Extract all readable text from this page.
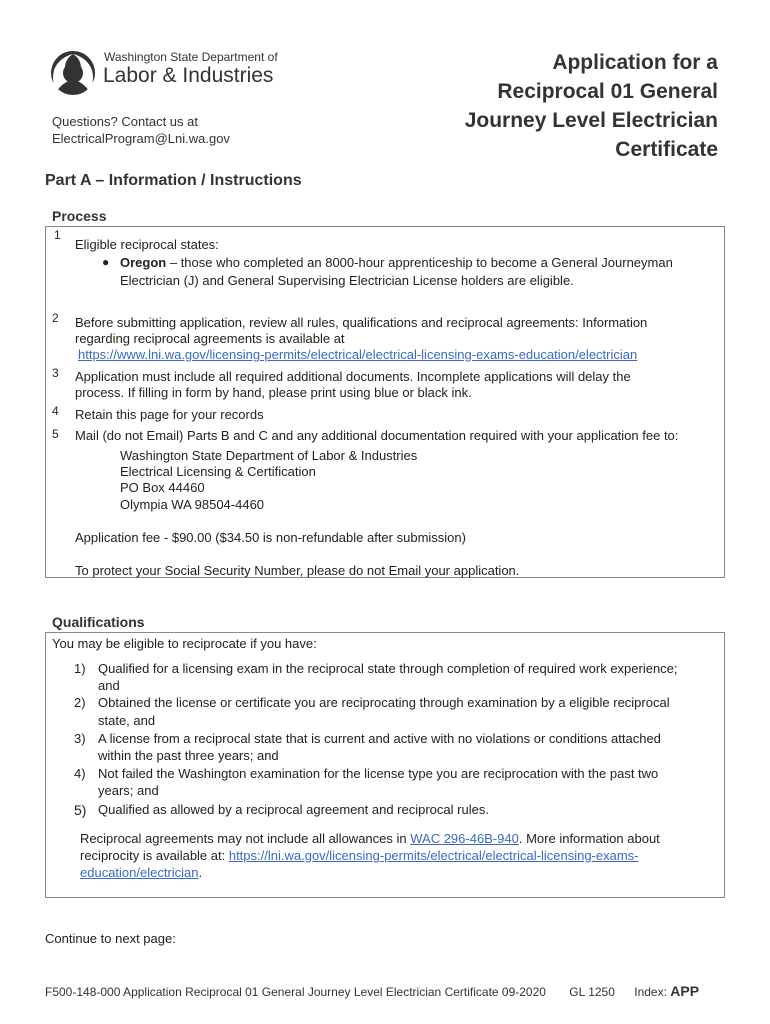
Washington State Department of
Labor & Industries
Questions? Contact us at
ElectricalProgram@Lni.wa.gov
Application for a
Reciprocal 01 General
Journey Level Electrician
Certificate
Part A – Information / Instructions
Process
1
Eligible reciprocal states:
● Oregon – those who completed an 8000-hour apprenticeship to become a General Journeyman
Electrician (J) and General Supervising Electrician License holders are eligible.
2 Before submitting application, review all rules, qualifications and reciprocal agreements: Information
regarding reciprocal agreements is available at
https://www.lni.wa.gov/licensing-permits/electrical/electrical-licensing-exams-education/electrician
3 Application must include all required additional documents. Incomplete applications will delay the
process. If filling in form by hand, please print using blue or black ink.
4 Retain this page for your records
5 Mail (do not Email) Parts B and C and any additional documentation required with your application fee to:
Washington State Department of Labor & Industries
Electrical Licensing & Certification
PO Box 44460
Olympia WA 98504-4460
Application fee - $90.00 ($34.50 is non-refundable after submission)
To protect your Social Security Number, please do not Email your application.
Qualifications
You may be eligible to reciprocate if you have:
1) Qualified for a licensing exam in the reciprocal state through completion of required work experience;
and
2) Obtained the license or certificate you are reciprocating through examination by a eligible reciprocal
state, and
3) A license from a reciprocal state that is current and active with no violations or conditions attached
within the past three years; and
4) Not failed the Washington examination for the license type you are reciprocation with the past two
years; and
5) Qualified as allowed by a reciprocal agreement and reciprocal rules.
Reciprocal agreements may not include all allowances in WAC 296-46B-940. More information about
reciprocity is available at: https://lni.wa.gov/licensing-permits/electrical/electrical-licensing-exams-
education/electrician.
Continue to next page:
F500-148-000 Application Reciprocal 01 General Journey Level Electrician Certificate 09-2020 GL 1250 Index: APP
